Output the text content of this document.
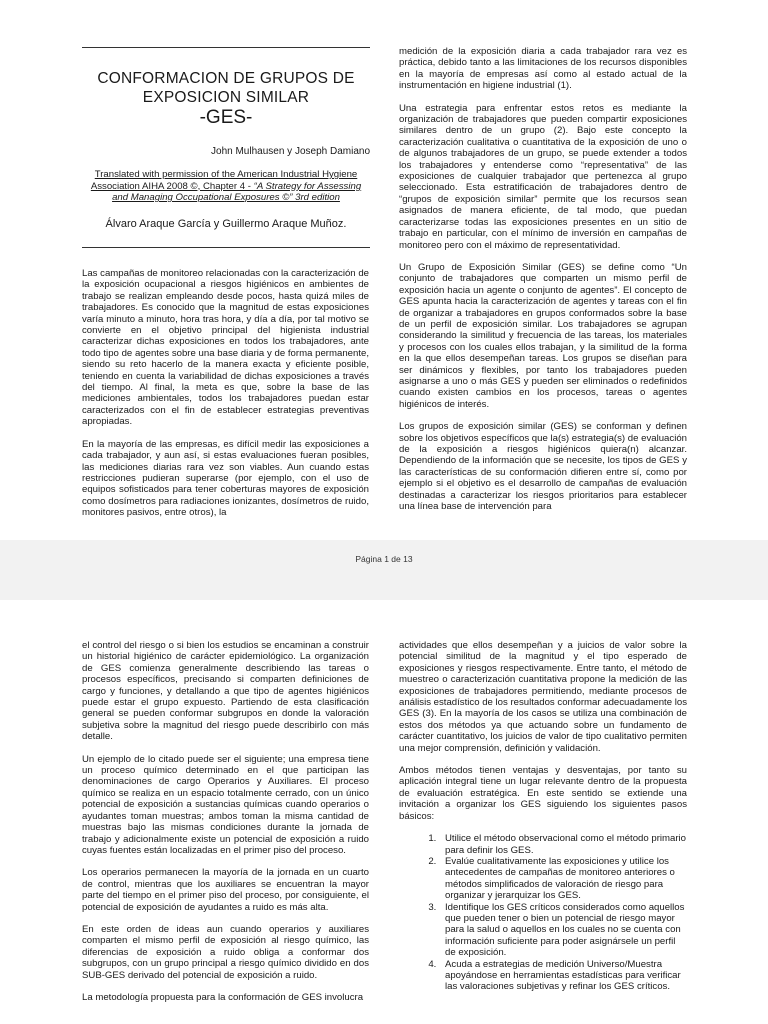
CONFORMACION DE GRUPOS DE
EXPOSICION SIMILAR
-GES-
John Mulhausen y Joseph Damiano
Translated with permission of the American Industrial Hygiene
Association AIHA 2008 ©, Chapter 4 - “A Strategy for Assessing
and Managing Occupational Exposures ©” 3rd edition
Álvaro Araque García y Guillermo Araque Muñoz.

Las campañas de monitoreo relacionadas con la caracterización de la exposición ocupacional a riesgos higiénicos en ambientes de trabajo se realizan empleando desde pocos, hasta quizá miles de trabajadores. Es conocido que la magnitud de estas exposiciones varía minuto a minuto, hora tras hora, y día a día, por tal motivo se convierte en el objetivo principal del higienista industrial caracterizar dichas exposiciones en todos los trabajadores, ante todo tipo de agentes sobre una base diaria y de forma permanente, siendo su reto hacerlo de la manera exacta y eficiente posible, teniendo en cuenta la variabilidad de dichas exposiciones a través del tiempo. Al final, la meta es que, sobre la base de las mediciones ambientales, todos los trabajadores puedan estar caracterizados con el fin de establecer estrategias preventivas apropiadas.

En la mayoría de las empresas, es difícil medir las exposiciones a cada trabajador, y aun así, si estas evaluaciones fueran posibles, las mediciones diarias rara vez son viables. Aun cuando estas restricciones pudieran superarse (por ejemplo, con el uso de equipos sofisticados para tener coberturas mayores de exposición como dosímetros para radiaciones ionizantes, dosímetros de ruido, monitores pasivos, entre otros), la

medición de la exposición diaria a cada trabajador rara vez es práctica, debido tanto a las limitaciones de los recursos disponibles en la mayoría de empresas así como al estado actual de la instrumentación en higiene industrial (1).

Una estrategia para enfrentar estos retos es mediante la organización de trabajadores que pueden compartir exposiciones similares dentro de un grupo (2). Bajo este concepto la caracterización cualitativa o cuantitativa de la exposición de uno o de algunos trabajadores de un grupo, se puede extender a todos los trabajadores y entenderse como “representativa” de las exposiciones de cualquier trabajador que pertenezca al grupo seleccionado. Esta estratificación de trabajadores dentro de “grupos de exposición similar” permite que los recursos sean asignados de manera eficiente, de tal modo, que puedan caracterizarse todas las exposiciones presentes en un sitio de trabajo en particular, con el mínimo de inversión en campañas de monitoreo pero con el máximo de representatividad.

Un Grupo de Exposición Similar (GES) se define como “Un conjunto de trabajadores que comparten un mismo perfil de exposición hacia un agente o conjunto de agentes”. El concepto de GES apunta hacia la caracterización de agentes y tareas con el fin de organizar a trabajadores en grupos conformados sobre la base de un perfil de exposición similar. Los trabajadores se agrupan considerando la similitud y frecuencia de las tareas, los materiales y procesos con los cuales ellos trabajan, y la similitud de la forma en la que ellos desempeñan tareas. Los grupos se diseñan para ser dinámicos y flexibles, por tanto los trabajadores pueden asignarse a uno o más GES y pueden ser eliminados o redefinidos cuando existen cambios en los procesos, tareas o agentes higiénicos de interés.

Los grupos de exposición similar (GES) se conforman y definen sobre los objetivos específicos que la(s) estrategia(s) de evaluación de la exposición a riesgos higiénicos quiera(n) alcanzar. Dependiendo de la información que se necesite, los tipos de GES y las características de su conformación difieren entre sí, como por ejemplo si el objetivo es el desarrollo de campañas de evaluación destinadas a caracterizar los riesgos prioritarios para establecer una línea base de intervención para

Página 1 de 13

el control del riesgo o si bien los estudios se encaminan a construir un historial higiénico de carácter epidemiológico. La organización de GES comienza generalmente describiendo las tareas o procesos específicos, precisando si comparten definiciones de cargo y funciones, y detallando a que tipo de agentes higiénicos puede estar el grupo expuesto. Partiendo de esta clasificación general se pueden conformar subgrupos en donde la valoración subjetiva sobre la magnitud del riesgo puede describirlo con más detalle.

Un ejemplo de lo citado puede ser el siguiente; una empresa tiene un proceso químico determinado en el que participan las denominaciones de cargo Operarios y Auxiliares. El proceso químico se realiza en un espacio totalmente cerrado, con un único potencial de exposición a sustancias químicas cuando operarios o ayudantes toman muestras; ambos toman la misma cantidad de muestras bajo las mismas condiciones durante la jornada de trabajo y adicionalmente existe un potencial de exposición a ruido cuyas fuentes están localizadas en el primer piso del proceso.

Los operarios permanecen la mayoría de la jornada en un cuarto de control, mientras que los auxiliares se encuentran la mayor parte del tiempo en el primer piso del proceso, por consiguiente, el potencial de exposición de ayudantes a ruido es más alta.

En este orden de ideas aun cuando operarios y auxiliares comparten el mismo perfil de exposición al riesgo químico, las diferencias de exposición a ruido obliga a conformar dos subgrupos, con un grupo principal a riesgo químico dividido en dos SUB-GES derivado del potencial de exposición a ruido.

La metodología propuesta para la conformación de GES involucra

actividades que ellos desempeñan y a juicios de valor sobre la potencial similitud de la magnitud y el tipo esperado de exposiciones y riesgos respectivamente. Entre tanto, el método de muestreo o caracterización cuantitativa propone la medición de las exposiciones de trabajadores permitiendo, mediante procesos de análisis estadístico de los resultados conformar adecuadamente los GES (3). En la mayoría de los casos se utiliza una combinación de estos dos métodos ya que actuando sobre un fundamento de carácter cuantitativo, los juicios de valor de tipo cualitativo permiten una mejor comprensión, definición y validación.

Ambos métodos tienen ventajas y desventajas, por tanto su aplicación integral tiene un lugar relevante dentro de la propuesta de evaluación estratégica. En este sentido se extiende una invitación a organizar los GES siguiendo los siguientes pasos básicos:

1. Utilice el método observacional como el método primario para definir los GES.
2. Evalúe cualitativamente las exposiciones y utilice los antecedentes de campañas de monitoreo anteriores o métodos simplificados de valoración de riesgo para organizar y jerarquizar los GES.
3. Identifique los GES críticos considerados como aquellos que pueden tener o bien un potencial de riesgo mayor para la salud o aquellos en los cuales no se cuenta con información suficiente para poder asignársele un perfil de exposición.
4. Acuda a estrategias de medición Universo/Muestra apoyándose en herramientas estadísticas para verificar las valoraciones subjetivas y refinar los GES críticos.
